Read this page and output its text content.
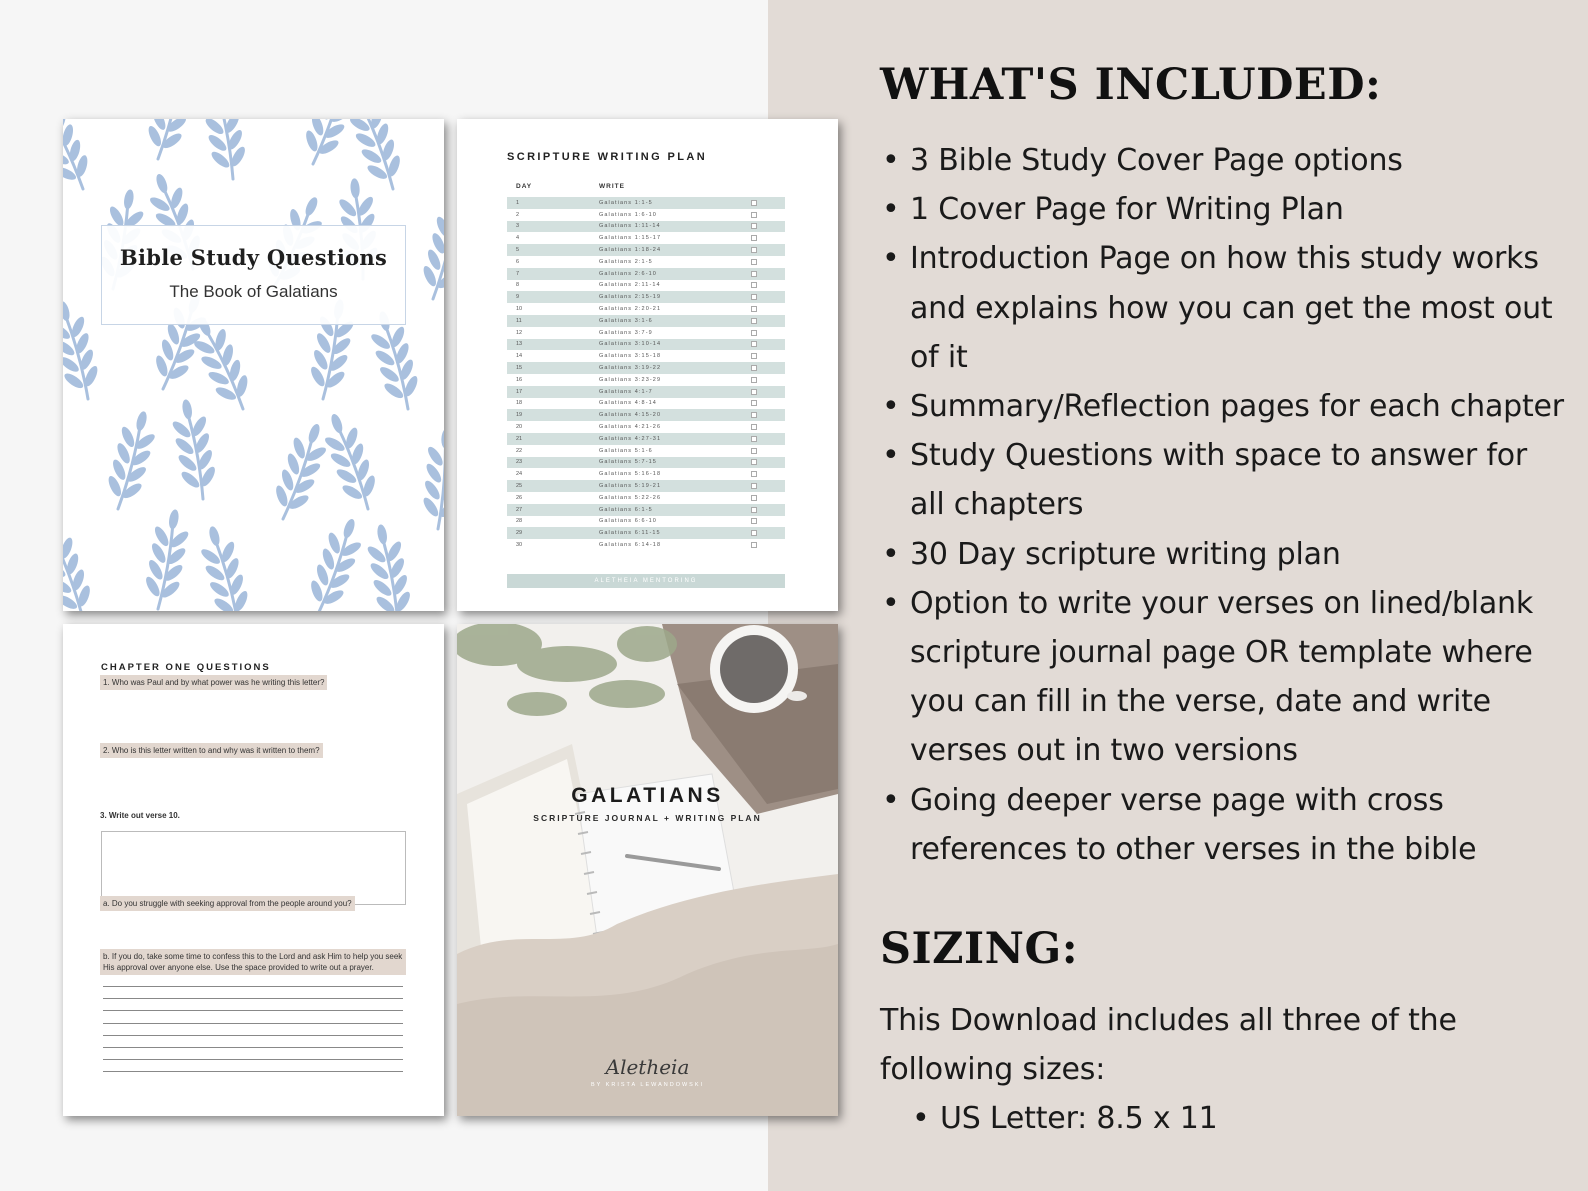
Bible Study Questions
The Book of Galatians
SCRIPTURE WRITING PLAN
DAY	WRITE
1	Galatians 1:1-5
2	Galatians 1:6-10
3	Galatians 1:11-14
4	Galatians 1:15-17
5	Galatians 1:18-24
6	Galatians 2:1-5
7	Galatians 2:6-10
8	Galatians 2:11-14
9	Galatians 2:15-19
10	Galatians 2:20-21
11	Galatians 3:1-6
12	Galatians 3:7-9
13	Galatians 3:10-14
14	Galatians 3:15-18
15	Galatians 3:19-22
16	Galatians 3:23-29
17	Galatians 4:1-7
18	Galatians 4:8-14
19	Galatians 4:15-20
20	Galatians 4:21-26
21	Galatians 4:27-31
22	Galatians 5:1-6
23	Galatians 5:7-15
24	Galatians 5:16-18
25	Galatians 5:19-21
26	Galatians 5:22-26
27	Galatians 6:1-5
28	Galatians 6:6-10
29	Galatians 6:11-15
30	Galatians 6:14-18
ALETHEIA MENTORING
CHAPTER ONE QUESTIONS
1. Who was Paul and by what power was he writing this letter?
2. Who is this letter written to and why was it written to them?
3. Write out verse 10.
a. Do you struggle with seeking approval from the people around you?
b. If you do, take some time to confess this to the Lord and ask Him to help you seek His approval over anyone else. Use the space provided to write out a prayer.
GALATIANS
SCRIPTURE JOURNAL + WRITING PLAN
Aletheia
BY KRISTA LEWANDOWSKI
WHAT'S INCLUDED:
• 3 Bible Study Cover Page options
• 1 Cover Page for Writing Plan
• Introduction Page on how this study works and explains how you can get the most out of it
• Summary/Reflection pages for each chapter
• Study Questions with space to answer for all chapters
• 30 Day scripture writing plan
• Option to write your verses on lined/blank scripture journal page OR template where you can fill in the verse, date and write verses out in two versions
• Going deeper verse page with cross references to other verses in the bible
SIZING:
This Download includes all three of the following sizes:
• US Letter: 8.5 x 11
